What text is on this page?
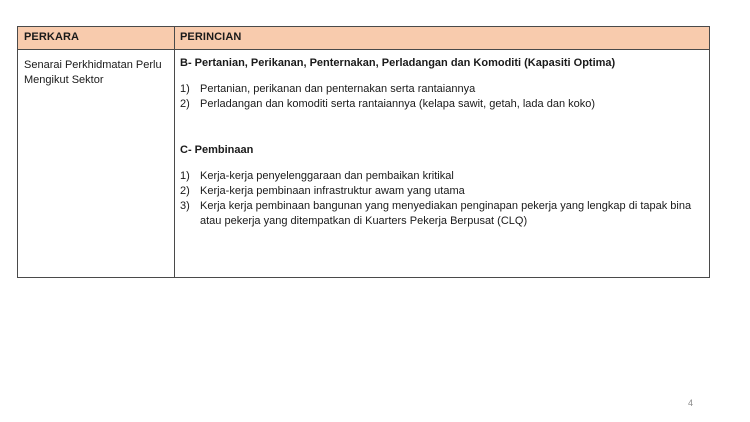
PERKARA	PERINCIAN
Senarai Perkhidmatan Perlu Mengikut Sektor

B- Pertanian, Perikanan, Penternakan, Perladangan dan Komoditi (Kapasiti Optima)

1) Pertanian, perikanan dan penternakan serta rantaiannya
2) Perladangan dan komoditi serta rantaiannya (kelapa sawit, getah, lada dan koko)

C- Pembinaan

1) Kerja-kerja penyelenggaraan dan pembaikan kritikal
2) Kerja-kerja pembinaan infrastruktur awam yang utama
3) Kerja kerja pembinaan bangunan yang menyediakan penginapan pekerja yang lengkap di tapak bina atau pekerja yang ditempatkan di Kuarters Pekerja Berpusat (CLQ)
4
